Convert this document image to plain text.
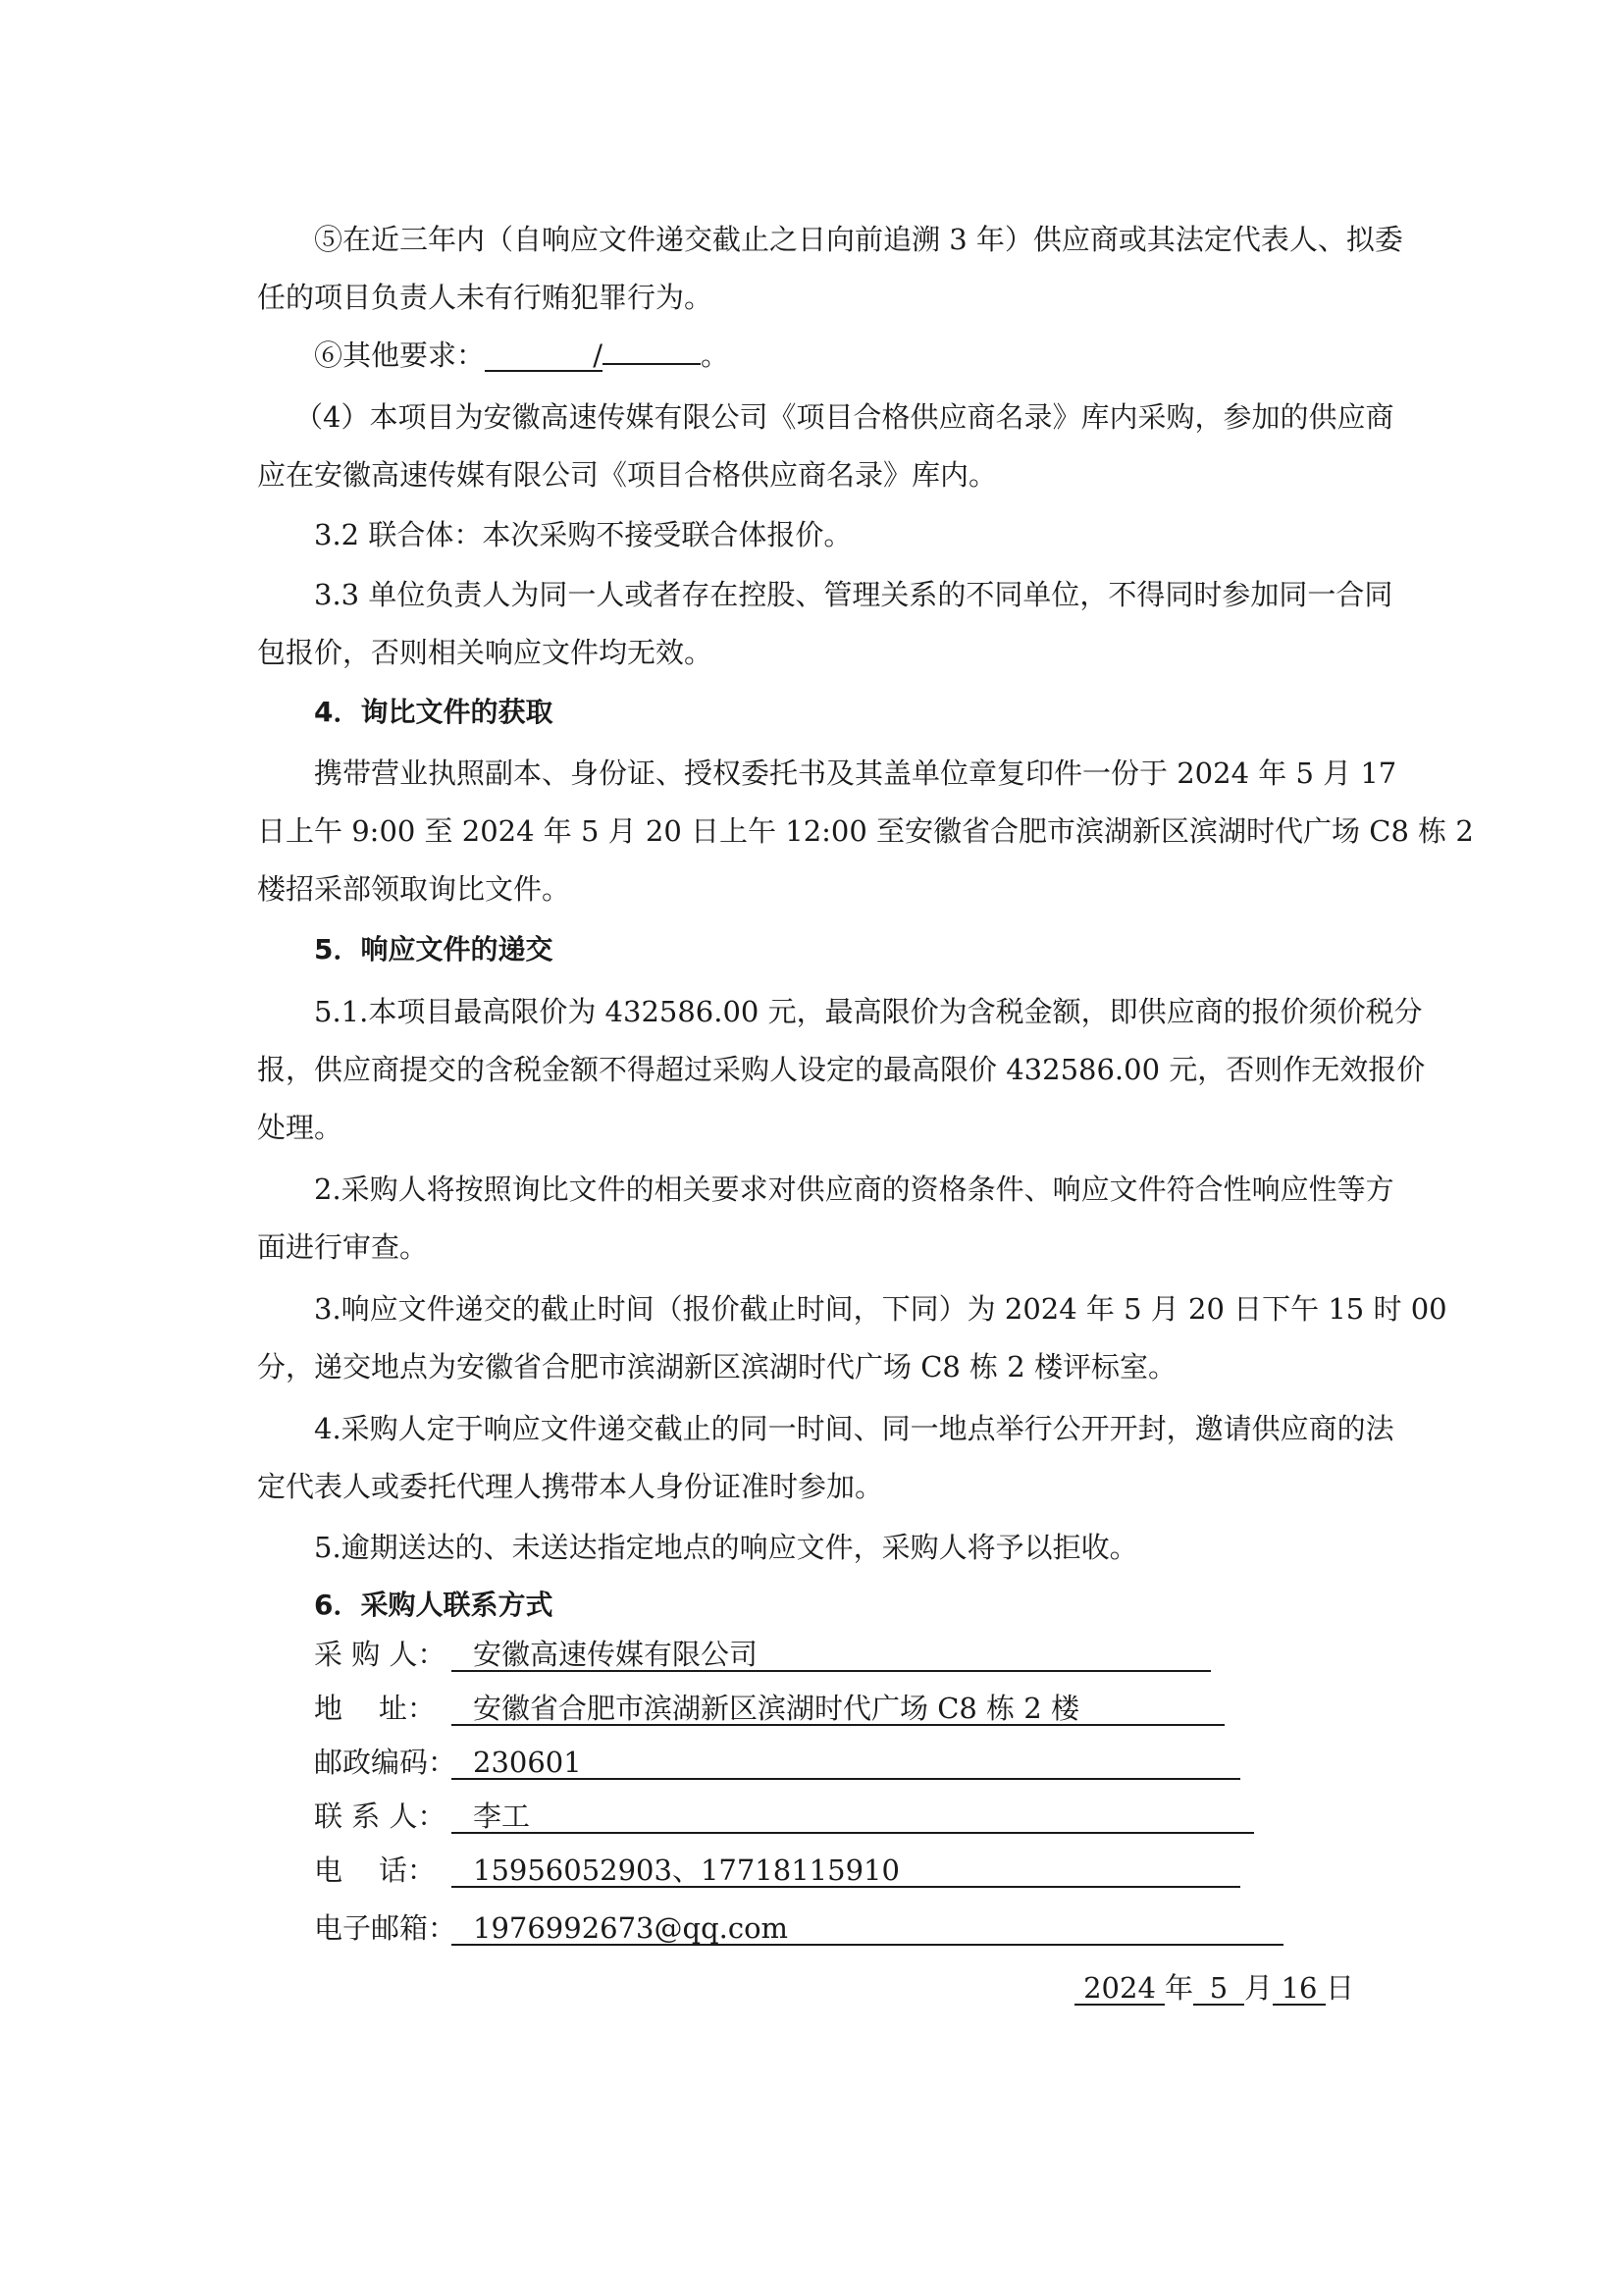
⑤在近三年内（自响应文件递交截止之日向前追溯 3 年）供应商或其法定代表人、拟委
任的项目负责人未有行贿犯罪行为。
⑥其他要求：	/	。
（4）本项目为安徽高速传媒有限公司《项目合格供应商名录》库内采购，参加的供应商
应在安徽高速传媒有限公司《项目合格供应商名录》库内。
3.2 联合体：本次采购不接受联合体报价。
3.3 单位负责人为同一人或者存在控股、管理关系的不同单位，不得同时参加同一合同
包报价，否则相关响应文件均无效。
4．询比文件的获取
携带营业执照副本、身份证、授权委托书及其盖单位章复印件一份于 2024 年 5 月 17
日上午 9:00 至 2024 年 5 月 20 日上午 12:00 至安徽省合肥市滨湖新区滨湖时代广场 C8 栋 2
楼招采部领取询比文件。
5．响应文件的递交
5.1.本项目最高限价为 432586.00 元，最高限价为含税金额，即供应商的报价须价税分
报，供应商提交的含税金额不得超过采购人设定的最高限价 432586.00 元，否则作无效报价
处理。
2.采购人将按照询比文件的相关要求对供应商的资格条件、响应文件符合性响应性等方
面进行审查。
3.响应文件递交的截止时间（报价截止时间，下同）为 2024 年 5 月 20 日下午 15 时 00
分，递交地点为安徽省合肥市滨湖新区滨湖时代广场 C8 栋 2 楼评标室。
4.采购人定于响应文件递交截止的同一时间、同一地点举行公开开封，邀请供应商的法
定代表人或委托代理人携带本人身份证准时参加。
5.逾期送达的、未送达指定地点的响应文件，采购人将予以拒收。
6．采购人联系方式
采 购 人： 安徽高速传媒有限公司
地    址： 安徽省合肥市滨湖新区滨湖时代广场 C8 栋 2 楼
邮政编码： 230601
联 系 人： 李工
电    话： 15956052903、17718115910
电子邮箱： 1976992673@qq.com
2024 年 5 月 16 日
